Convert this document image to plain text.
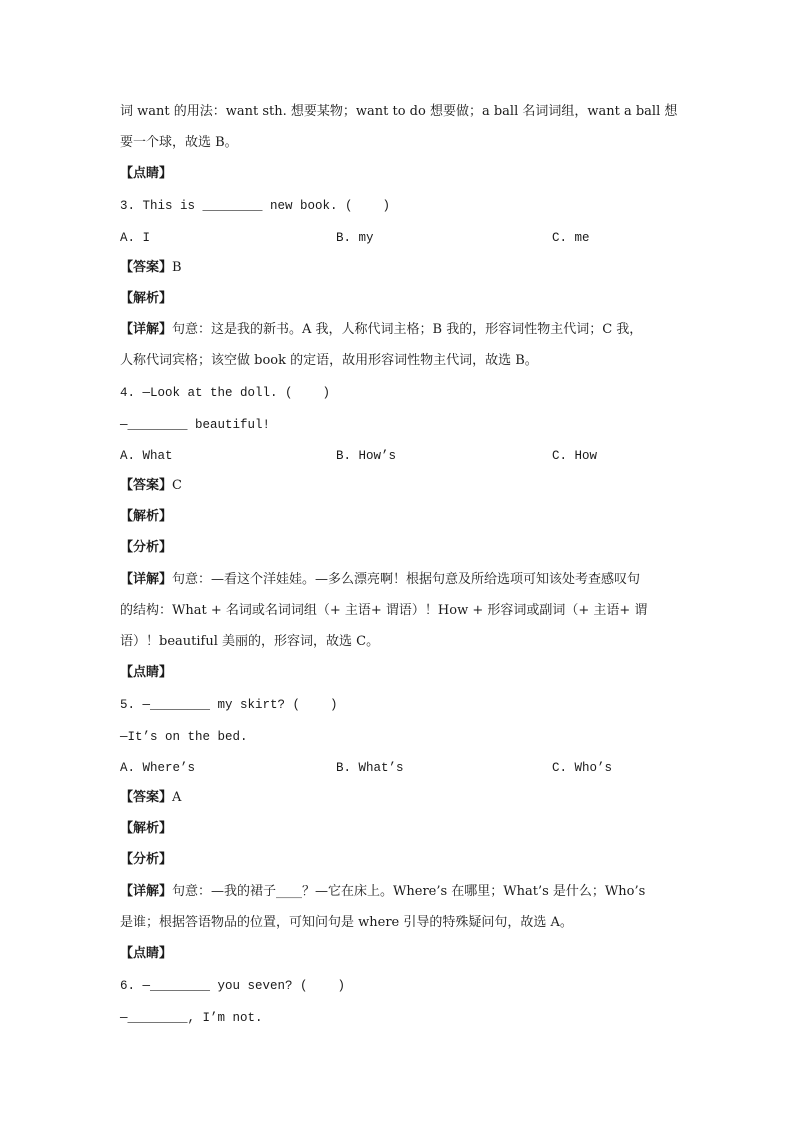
词 want 的用法：want sth. 想要某物；want to do 想要做；a ball 名词词组，want a ball 想
要一个球，故选 B。
【点睛】
3. This is ________ new book. (    )

A. I

	B. my

	C. me

【答案】B
【解析】
【详解】句意：这是我的新书。A 我，人称代词主格；B 我的，形容词性物主代词；C 我，
人称代词宾格；该空做 book 的定语，故用形容词性物主代词，故选 B。
4. —Look at the doll. (    )
—________ beautiful!

A. What

	B. How’s

	C. How

【答案】C
【解析】
【分析】
【详解】句意：—看这个洋娃娃。—多么漂亮啊！根据句意及所给选项可知该处考查感叹句
的结构：What + 名词或名词词组（+ 主语+ 谓语）！How + 形容词或副词（+ 主语+ 谓
语）！beautiful 美丽的，形容词，故选 C。
【点睛】
5. —________ my skirt? (    )
—It’s on the bed.

A. Where’s

	B. What’s

	C. Who’s

【答案】A
【解析】
【分析】
【详解】句意：—我的裙子____？—它在床上。Where’s 在哪里；What’s 是什么；Who’s
是谁；根据答语物品的位置，可知问句是 where 引导的特殊疑问句，故选 A。
【点睛】
6. —________ you seven? (    )
—________, I’m not.
